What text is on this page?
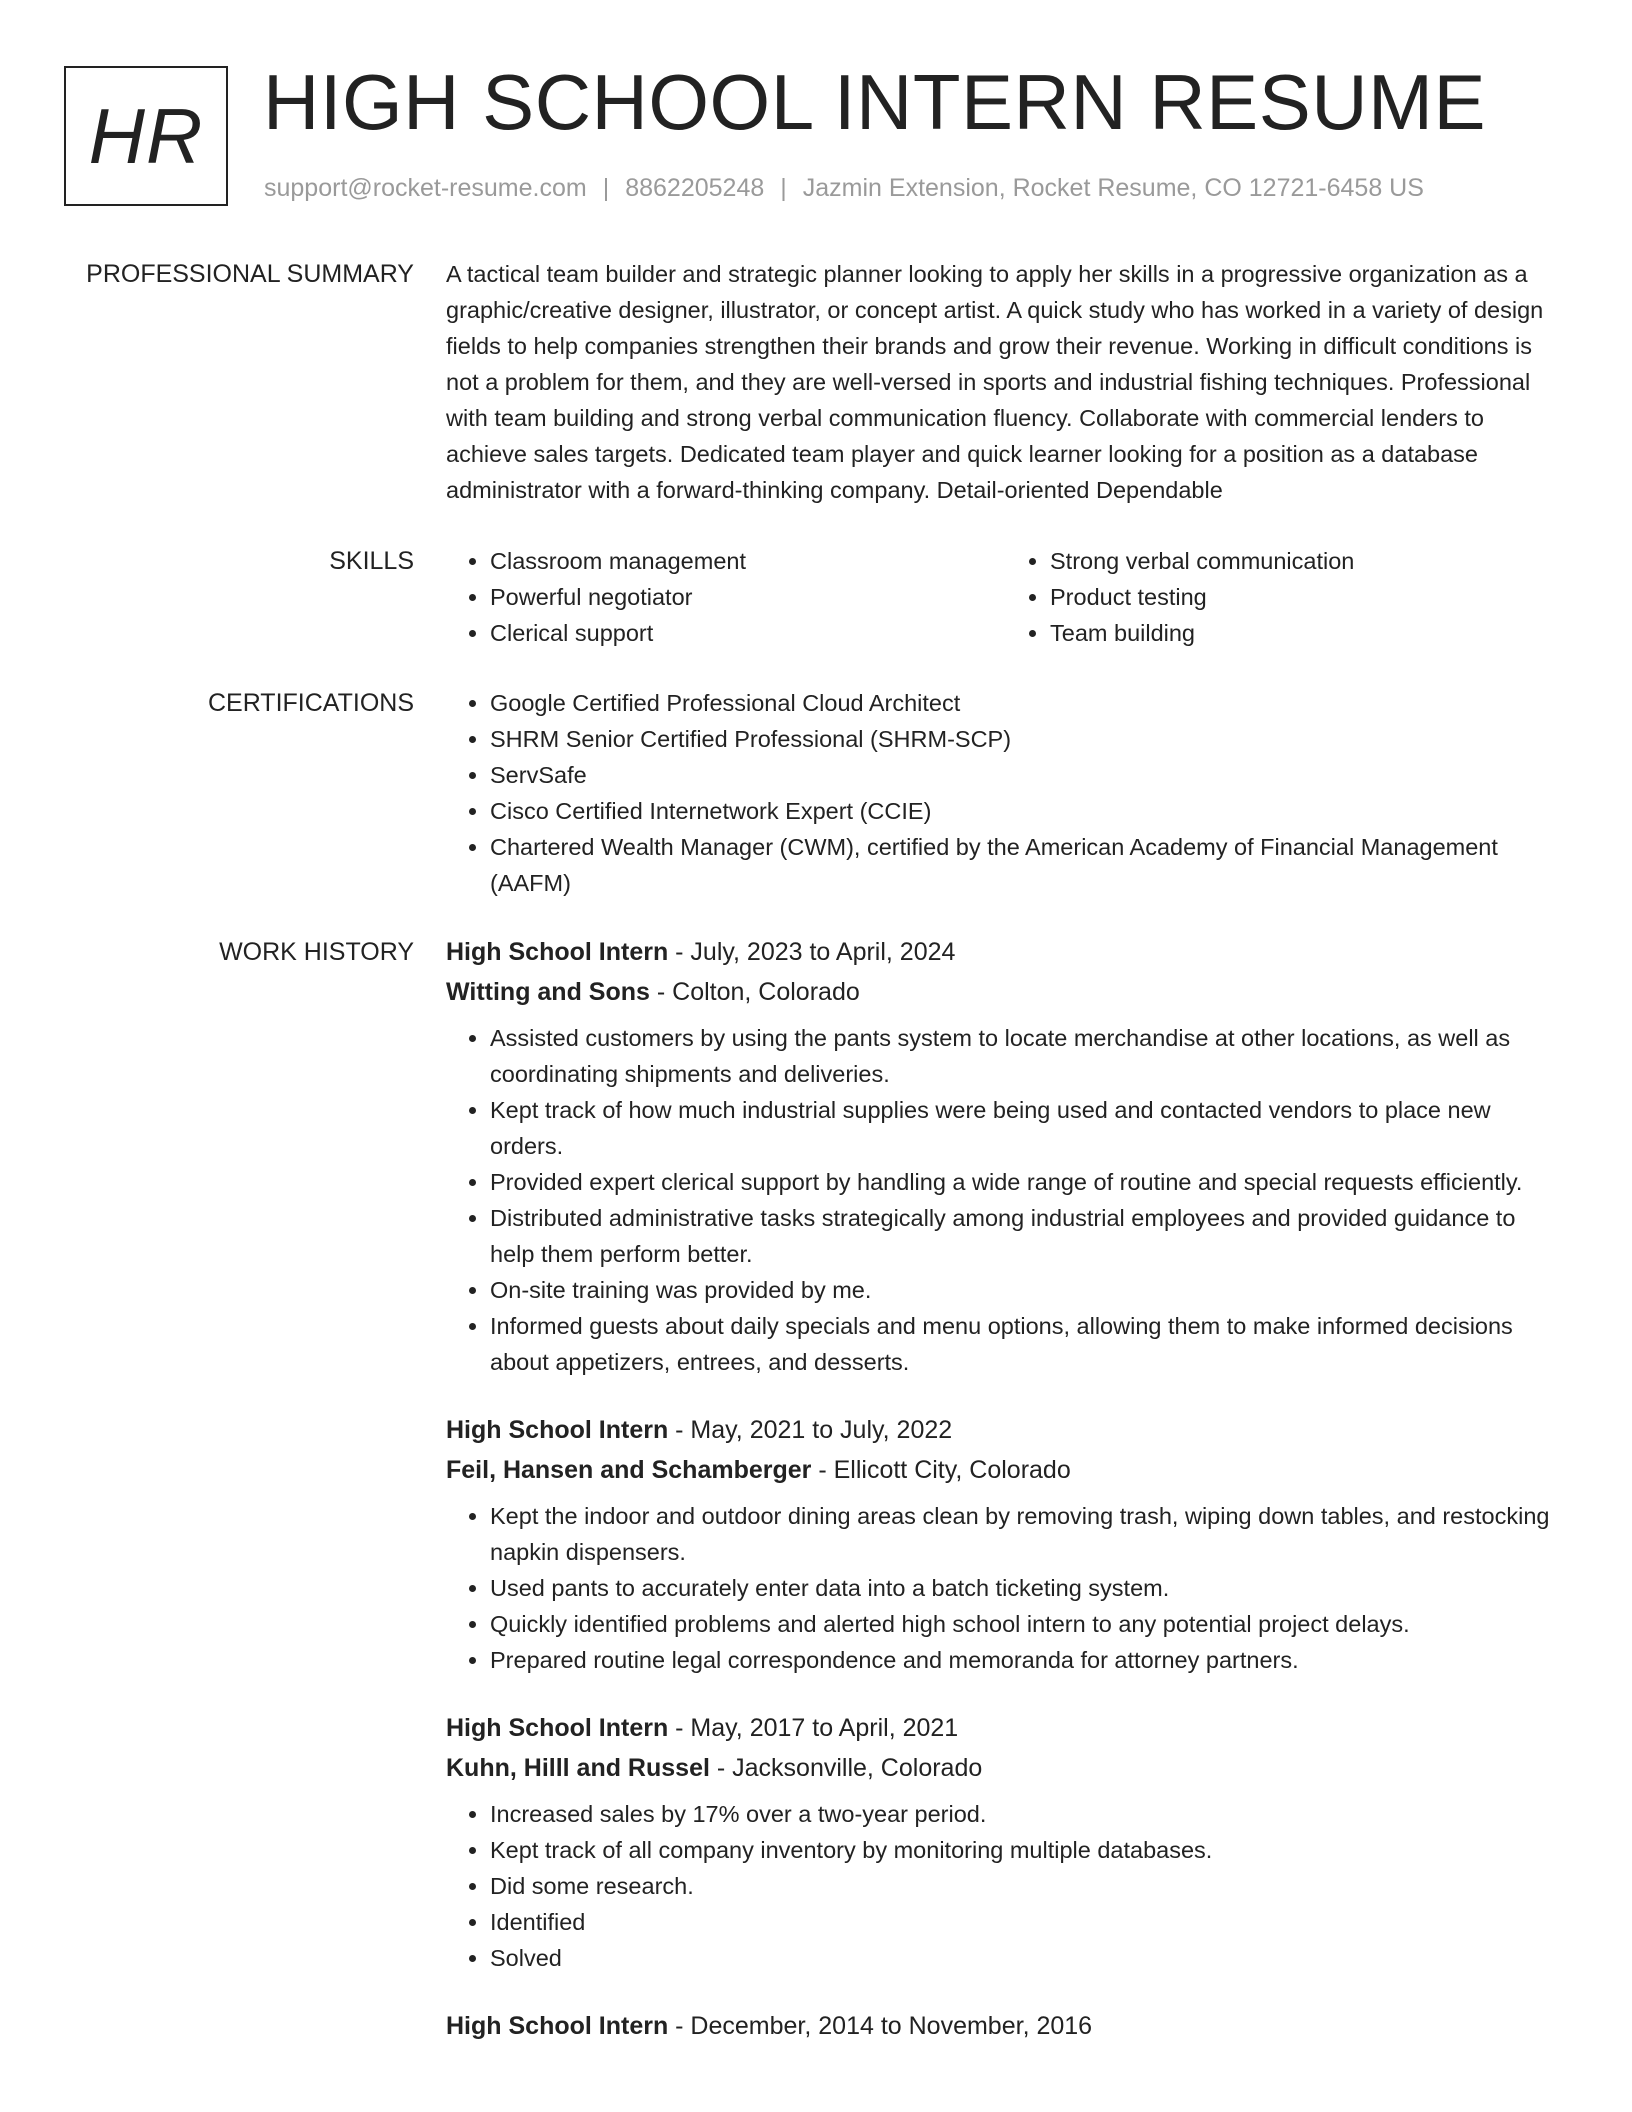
HR HIGH SCHOOL INTERN RESUME
support@rocket-resume.com | 8862205248 | Jazmin Extension, Rocket Resume, CO 12721-6458 US
PROFESSIONAL SUMMARY A tactical team builder and strategic planner looking to apply her skills in a progressive organization as a graphic/creative designer, illustrator, or concept artist. A quick study who has worked in a variety of design fields to help companies strengthen their brands and grow their revenue. Working in difficult conditions is not a problem for them, and they are well-versed in sports and industrial fishing techniques. Professional with team building and strong verbal communication fluency. Collaborate with commercial lenders to achieve sales targets. Dedicated team player and quick learner looking for a position as a database administrator with a forward-thinking company. Detail-oriented Dependable

SKILLS	• Classroom management
• Powerful negotiator
• Clerical support
• Strong verbal communication
• Product testing
• Team building
CERTIFICATIONS	• Google Certified Professional Cloud Architect
• SHRM Senior Certified Professional (SHRM-SCP)
• ServSafe
• Cisco Certified Internetwork Expert (CCIE)
• Chartered Wealth Manager (CWM), certified by the American Academy of Financial Management (AAFM)
WORK HISTORY High School Intern - July, 2023 to April, 2024
Witting and Sons - Colton, Colorado
• Assisted customers by using the pants system to locate merchandise at other locations, as well as coordinating shipments and deliveries.
• Kept track of how much industrial supplies were being used and contacted vendors to place new orders.
• Provided expert clerical support by handling a wide range of routine and special requests efficiently.
• Distributed administrative tasks strategically among industrial employees and provided guidance to help them perform better.
• On-site training was provided by me.
• Informed guests about daily specials and menu options, allowing them to make informed decisions about appetizers, entrees, and desserts.
High School Intern - May, 2021 to July, 2022
Feil, Hansen and Schamberger - Ellicott City, Colorado
• Kept the indoor and outdoor dining areas clean by removing trash, wiping down tables, and restocking napkin dispensers.
• Used pants to accurately enter data into a batch ticketing system.
• Quickly identified problems and alerted high school intern to any potential project delays.
• Prepared routine legal correspondence and memoranda for attorney partners.
High School Intern - May, 2017 to April, 2021
Kuhn, Hilll and Russel - Jacksonville, Colorado
• Increased sales by 17% over a two-year period.
• Kept track of all company inventory by monitoring multiple databases.
• Did some research.
• Identified
• Solved
High School Intern - December, 2014 to November, 2016
